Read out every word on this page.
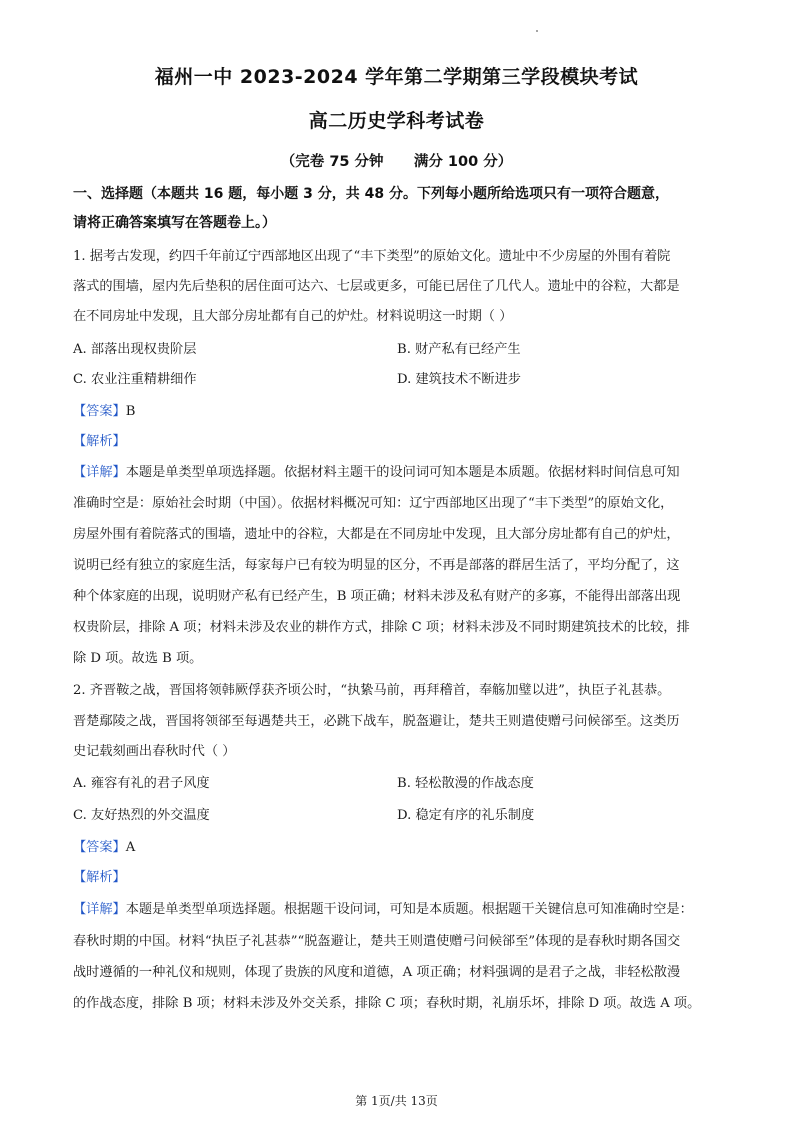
福州一中 2023-2024 学年第二学期第三学段模块考试
高二历史学科考试卷
（完卷 75 分钟      满分 100 分）
一、选择题（本题共 16 题，每小题 3 分，共 48 分。下列每小题所给选项只有一项符合题意，
请将正确答案填写在答题卷上。）
1. 据考古发现，约四千年前辽宁西部地区出现了“丰下类型”的原始文化。遗址中不少房屋的外围有着院
落式的围墙，屋内先后垫积的居住面可达六、七层或更多，可能已居住了几代人。遗址中的谷粒，大都是
在不同房址中发现，且大部分房址都有自己的炉灶。材料说明这一时期（ ）
A. 部落出现权贵阶层	B. 财产私有已经产生
C. 农业注重精耕细作	D. 建筑技术不断进步
【答案】B
【解析】
【详解】本题是单类型单项选择题。依据材料主题干的设问词可知本题是本质题。依据材料时间信息可知
准确时空是：原始社会时期（中国）。依据材料概况可知：辽宁西部地区出现了“丰下类型”的原始文化，
房屋外围有着院落式的围墙，遗址中的谷粒，大都是在不同房址中发现，且大部分房址都有自己的炉灶，
说明已经有独立的家庭生活，每家每户已有较为明显的区分，不再是部落的群居生活了，平均分配了，这
种个体家庭的出现，说明财产私有已经产生，B 项正确；材料未涉及私有财产的多寡，不能得出部落出现
权贵阶层，排除 A 项；材料未涉及农业的耕作方式，排除 C 项；材料未涉及不同时期建筑技术的比较，排
除 D 项。故选 B 项。
2. 齐晋鞍之战，晋国将领韩厥俘获齐顷公时，“执絷马前，再拜稽首，奉觞加璧以进”，执臣子礼甚恭。
晋楚鄢陵之战，晋国将领郤至每遇楚共王，必跳下战车，脱盔避让，楚共王则遣使赠弓问候郤至。这类历
史记载刻画出春秋时代（ ）
A. 雍容有礼的君子风度	B. 轻松散漫的作战态度
C. 友好热烈的外交温度	D. 稳定有序的礼乐制度
【答案】A
【解析】
【详解】本题是单类型单项选择题。根据题干设问词，可知是本质题。根据题干关键信息可知准确时空是：
春秋时期的中国。材料“执臣子礼甚恭”“脱盔避让，楚共王则遣使赠弓问候郤至”体现的是春秋时期各国交
战时遵循的一种礼仪和规则，体现了贵族的风度和道德，A 项正确；材料强调的是君子之战，非轻松散漫
的作战态度，排除 B 项；材料未涉及外交关系，排除 C 项；春秋时期，礼崩乐坏，排除 D 项。故选 A 项。
第 1页/共 13页
